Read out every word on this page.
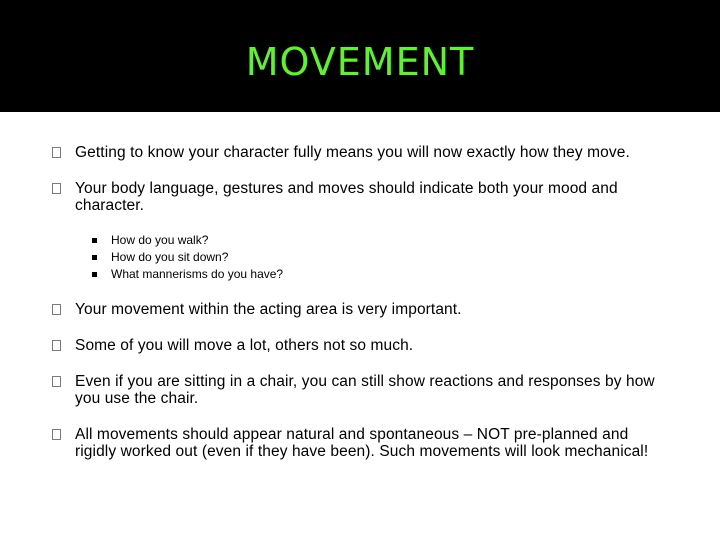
MOVEMENT
Getting to know your character fully means you will now exactly how they move.
Your body language, gestures and moves should indicate both your mood and character.
How do you walk?
How do you sit down?
What mannerisms do you have?
Your movement within the acting area is very important.
Some of you will move a lot, others not so much.
Even if you are sitting in a chair, you can still show reactions and responses by how you use the chair.
All movements should appear natural and spontaneous – NOT pre-planned and rigidly worked out (even if they have been). Such movements will look mechanical!
